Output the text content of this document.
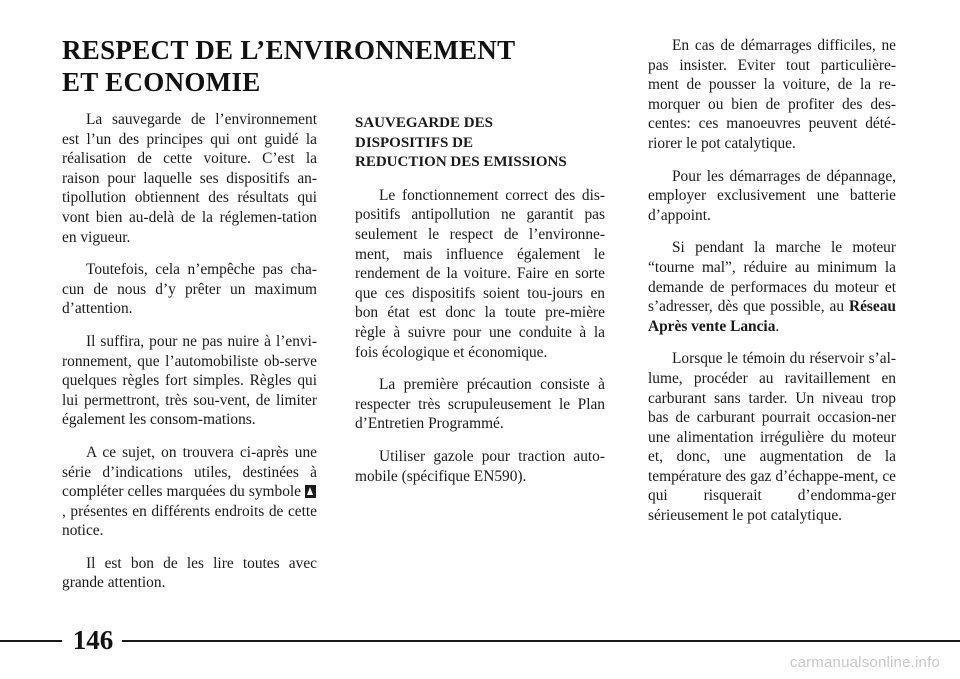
RESPECT DE L’ENVIRONNEMENT
ET ECONOMIE

La sauvegarde de l’environnement est l’un des principes qui ont guidé la réalisation de cette voiture. C’est la raison pour laquelle ses dispositifs an-tipollution obtiennent des résultats qui vont bien au-delà de la réglemen-tation en vigueur.

Toutefois, cela n’empêche pas cha-cun de nous d’y prêter un maximum d’attention.

Il suffira, pour ne pas nuire à l’envi-ronnement, que l’automobiliste ob-serve quelques règles fort simples. Règles qui lui permettront, très sou-vent, de limiter également les consom-mations.

A ce sujet, on trouvera ci-après une série d’indications utiles, destinées à compléter celles marquées du symbole , présentes en différents endroits de cette notice.

Il est bon de les lire toutes avec grande attention.

SAUVEGARDE DES
DISPOSITIFS DE
REDUCTION DES EMISSIONS

Le fonctionnement correct des dis-positifs antipollution ne garantit pas seulement le respect de l’environne-ment, mais influence également le rendement de la voiture. Faire en sorte que ces dispositifs soient tou-jours en bon état est donc la toute pre-mière règle à suivre pour une conduite à la fois écologique et économique.

La première précaution consiste à respecter très scrupuleusement le Plan d’Entretien Programmé.

Utiliser gazole pour traction auto-mobile (spécifique EN590).

En cas de démarrages difficiles, ne pas insister. Eviter tout particulière-ment de pousser la voiture, de la re-morquer ou bien de profiter des des-centes: ces manoeuvres peuvent dété-riorer le pot catalytique.

Pour les démarrages de dépannage, employer exclusivement une batterie d’appoint.

Si pendant la marche le moteur “tourne mal”, réduire au minimum la demande de performaces du moteur et s’adresser, dès que possible, au Réseau Après vente Lancia.

Lorsque le témoin du réservoir s’al-lume, procéder au ravitaillement en carburant sans tarder. Un niveau trop bas de carburant pourrait occasion-ner une alimentation irrégulière du moteur et, donc, une augmentation de la température des gaz d’échappe-ment, ce qui risquerait d’endomma-ger sérieusement le pot catalytique.

146
carmanualsonline.info
